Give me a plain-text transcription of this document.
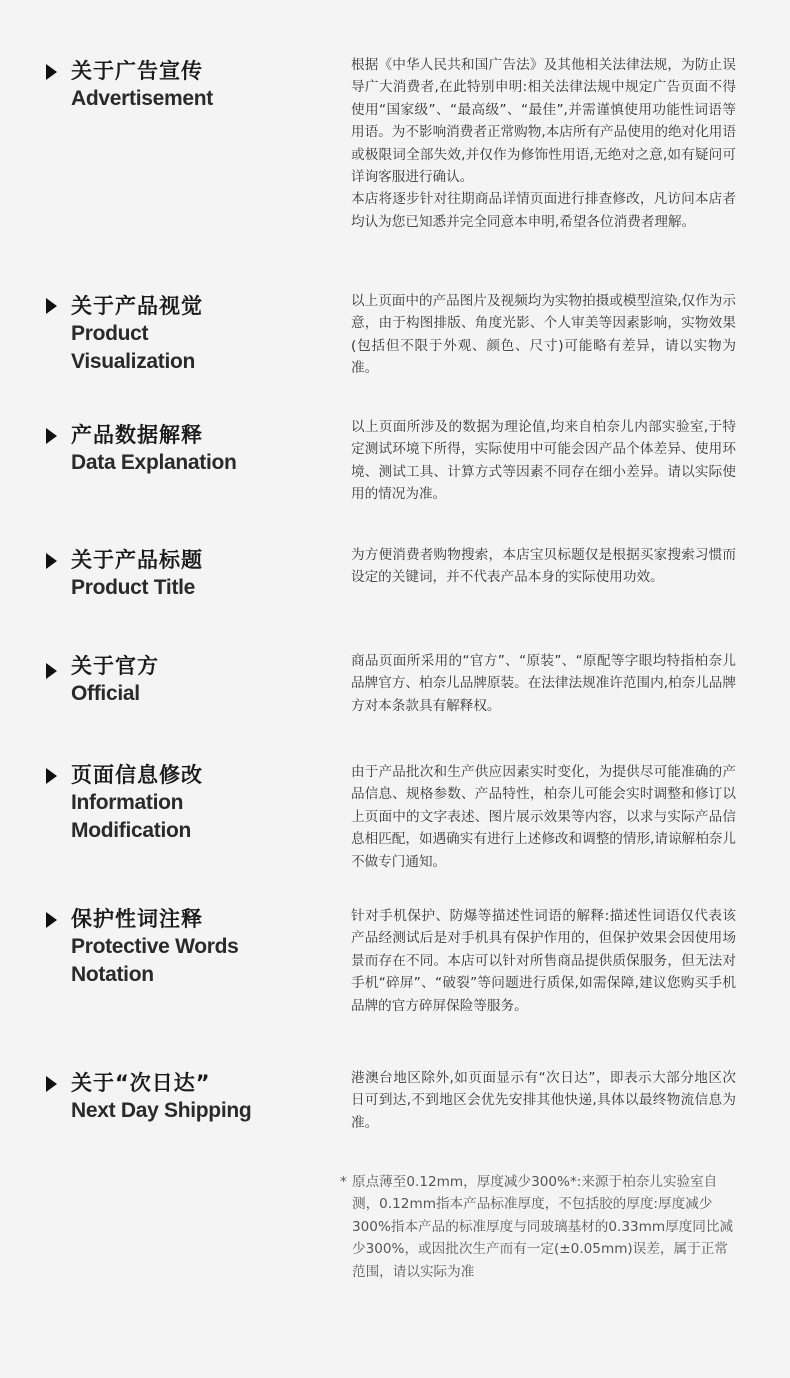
关于广告宣传
Advertisement

根据《中华人民共和国广告法》及其他相关法律法规，为防止误导广大消费者,在此特别申明:相关法律法规中规定广告页面不得使用“国家级”、“最高级”、“最佳”,并需谨慎使用功能性词语等用语。为不影响消费者正常购物,本店所有产品使用的绝对化用语或极限词全部失效,并仅作为修饰性用语,无绝对之意,如有疑问可详询客服进行确认。

本店将逐步针对往期商品详情页面进行排查修改，凡访问本店者均认为您已知悉并完全同意本申明,希望各位消费者理解。

关于产品视觉
Product Visualization

以上页面中的产品图片及视频均为实物拍摄或模型渲染,仅作为示意，由于构图排版、角度光影、个人审美等因素影响，实物效果(包括但不限于外观、颜色、尺寸)可能略有差异，请以实物为准。

产品数据解释
Data Explanation

以上页面所涉及的数据为理论值,均来自柏奈儿内部实验室,于特定测试环境下所得，实际使用中可能会因产品个体差异、使用环境、测试工具、计算方式等因素不同存在细小差异。请以实际使用的情况为准。

关于产品标题
Product Title

为方便消费者购物搜索，本店宝贝标题仅是根据买家搜索习惯而设定的关键词，并不代表产品本身的实际使用功效。

关于官方
Official

商品页面所采用的“官方”、“原装”、“原配等字眼均特指柏奈儿品牌官方、柏奈儿品牌原装。在法律法规准许范围内,柏奈儿品牌方对本条款具有解释权。

页面信息修改
Information Modification

由于产品批次和生产供应因素实时变化，为提供尽可能准确的产品信息、规格参数、产品特性，柏奈儿可能会实时调整和修订以上页面中的文字表述、图片展示效果等内容，以求与实际产品信息相匹配，如遇确实有进行上述修改和调整的情形,请谅解柏奈儿不做专门通知。

保护性词注释
Protective Words Notation

针对手机保护、防爆等描述性词语的解释:描述性词语仅代表该产品经测试后是对手机具有保护作用的，但保护效果会因使用场景而存在不同。本店可以针对所售商品提供质保服务，但无法对手机“碎屏”、“破裂”等问题进行质保,如需保障,建议您购买手机品牌的官方碎屏保险等服务。

关于“次日达”
Next Day Shipping

港澳台地区除外,如页面显示有“次日达”，即表示大部分地区次日可到达,不到地区会优先安排其他快递,具体以最终物流信息为准。

* 原点薄至0.12mm，厚度减少300%*:来源于柏奈儿实验室自测，0.12mm指本产品标准厚度，不包括胶的厚度:厚度减少300%指本产品的标准厚度与同玻璃基材的0.33mm厚度同比减少300%，或因批次生产而有一定(±0.05mm)误差，属于正常范围，请以实际为准
